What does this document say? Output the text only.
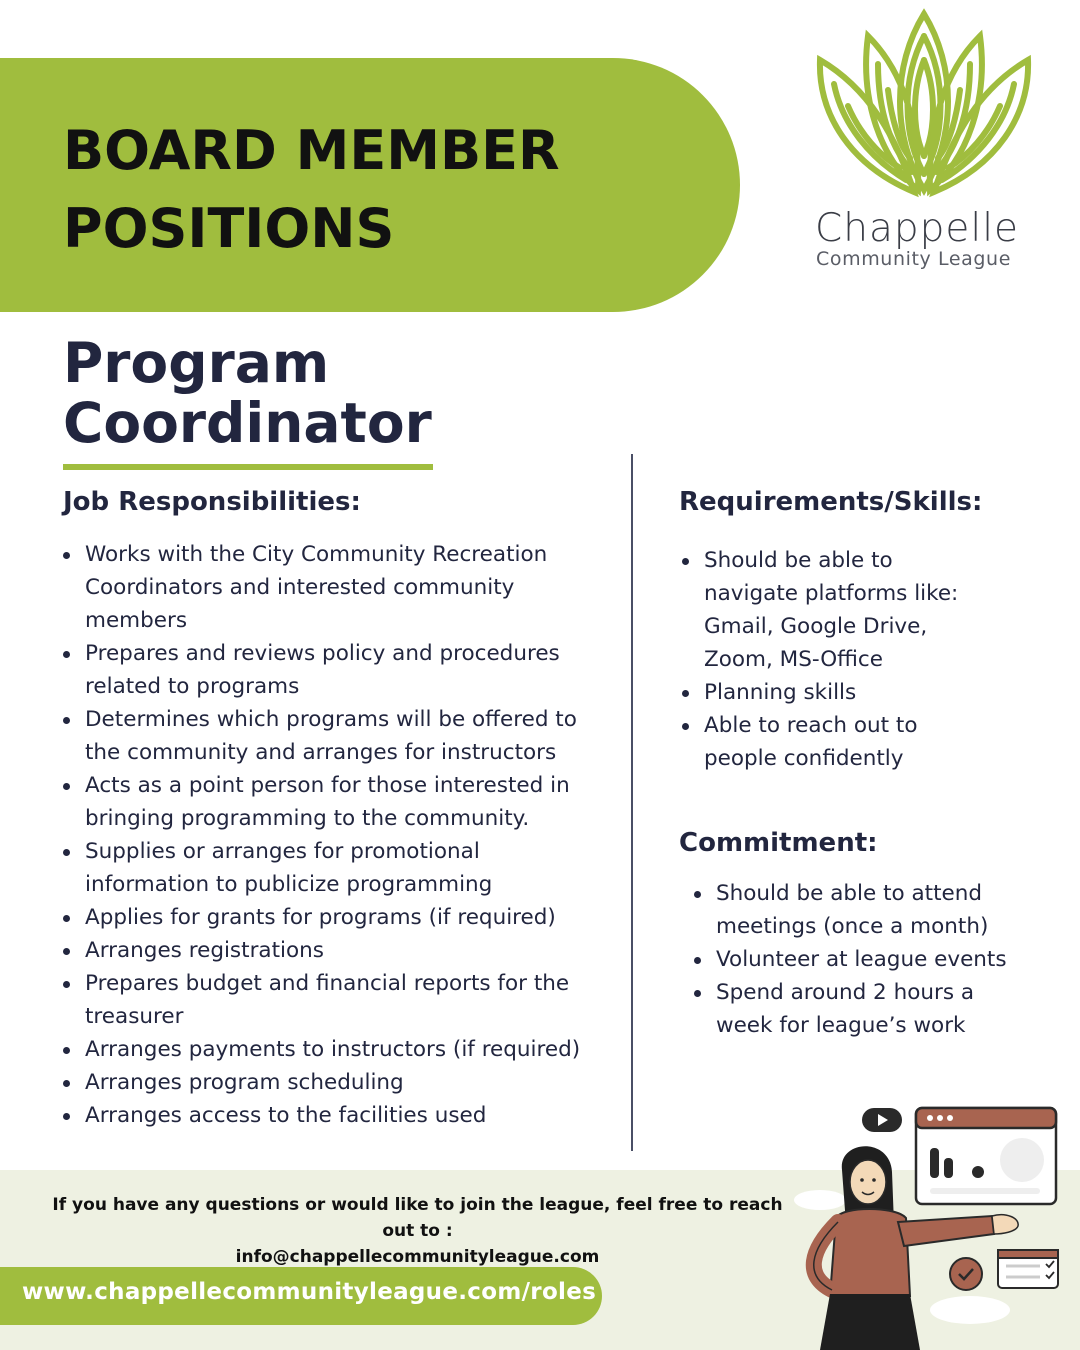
BOARD MEMBER
POSITIONS	Chappelle
Community League
Program
Coordinator
Job Responsibilities:
Works with the City Community Recreation Coordinators and interested community members
Prepares and reviews policy and procedures related to programs
Determines which programs will be offered to the community and arranges for instructors
Acts as a point person for those interested in bringing programming to the community.
Supplies or arranges for promotional information to publicize programming
Applies for grants for programs (if required)
Arranges registrations
Prepares budget and financial reports for the treasurer
Arranges payments to instructors (if required)
Arranges program scheduling
Arranges access to the facilities used
Requirements/Skills:
Should be able to navigate platforms like: Gmail, Google Drive, Zoom, MS-Office
Planning skills
Able to reach out to people confidently
Commitment:
Should be able to attend meetings (once a month)
Volunteer at league events
Spend around 2 hours a week for league’s work
If you have any questions or would like to join the league, feel free to reach out to :
info@chappellecommunityleague.com
www.chappellecommunityleague.com/roles
